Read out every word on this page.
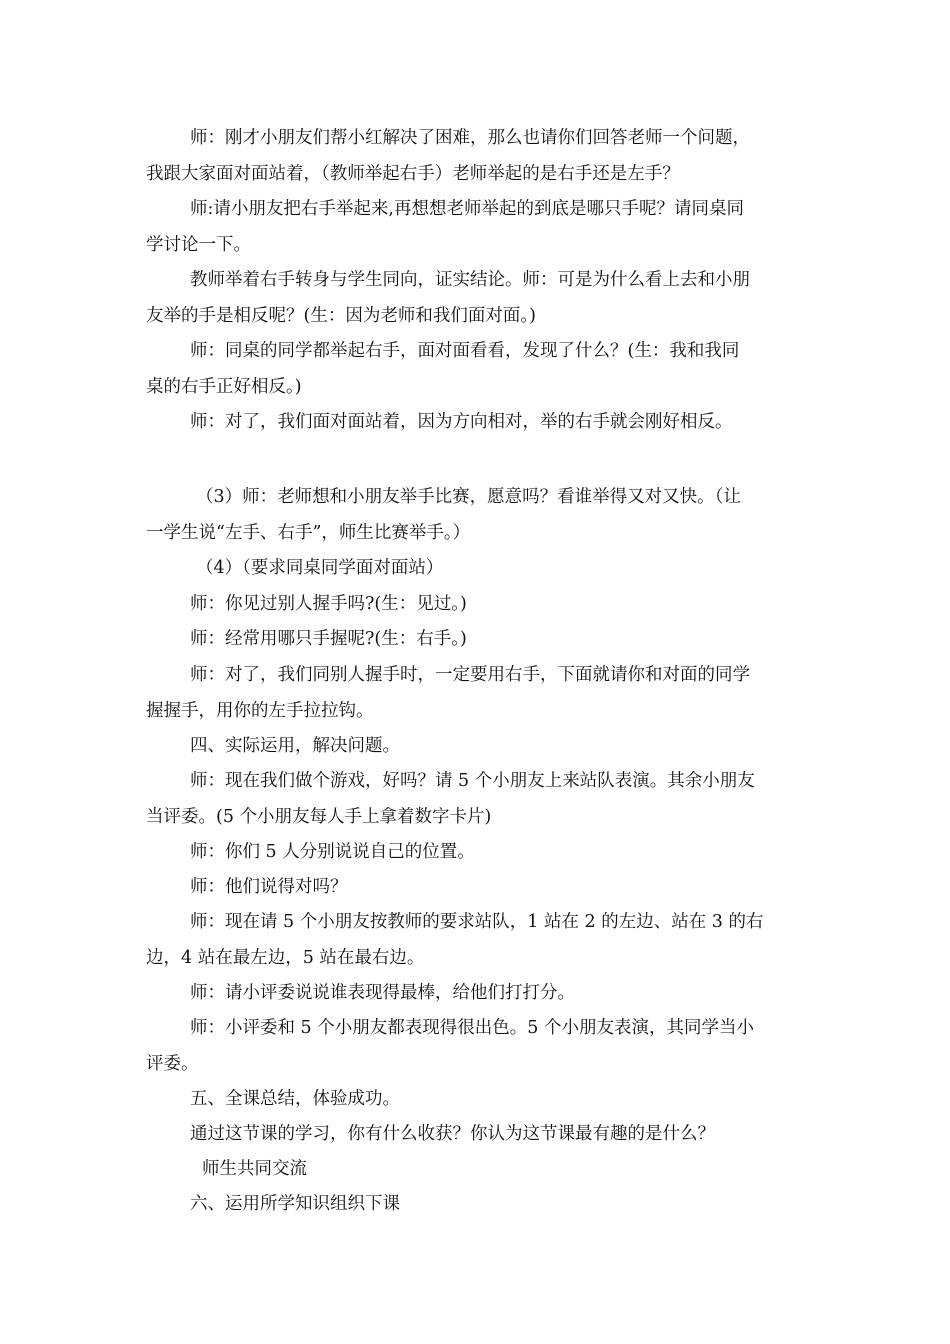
师：刚才小朋友们帮小红解决了困难，那么也请你们回答老师一个问题，
我跟大家面对面站着，（教师举起右手）老师举起的是右手还是左手？
师:请小朋友把右手举起来,再想想老师举起的到底是哪只手呢？请同桌同
学讨论一下。
教师举着右手转身与学生同向，证实结论。师：可是为什么看上去和小朋
友举的手是相反呢？(生：因为老师和我们面对面。)
师：同桌的同学都举起右手，面对面看看，发现了什么？(生：我和我同
桌的右手正好相反。)
师：对了，我们面对面站着，因为方向相对，举的右手就会刚好相反。
（3）师：老师想和小朋友举手比赛，愿意吗？看谁举得又对又快。（让
一学生说“左手、右手”，师生比赛举手。）
（4）（要求同桌同学面对面站）
师：你见过别人握手吗?(生：见过。)
师：经常用哪只手握呢?(生：右手。)
师：对了，我们同别人握手时，一定要用右手，下面就请你和对面的同学
握握手，用你的左手拉拉钩。
四、实际运用，解决问题。
师：现在我们做个游戏，好吗？请 5 个小朋友上来站队表演。其余小朋友
当评委。(5 个小朋友每人手上拿着数字卡片)
师：你们 5 人分别说说自己的位置。
师：他们说得对吗？
师：现在请 5 个小朋友按教师的要求站队，1 站在 2 的左边、站在 3 的右
边，4 站在最左边，5 站在最右边。
师：请小评委说说谁表现得最棒，给他们打打分。
师：小评委和 5 个小朋友都表现得很出色。5 个小朋友表演，其同学当小
评委。
五、全课总结，体验成功。
通过这节课的学习，你有什么收获？你认为这节课最有趣的是什么？
师生共同交流
六、运用所学知识组织下课
